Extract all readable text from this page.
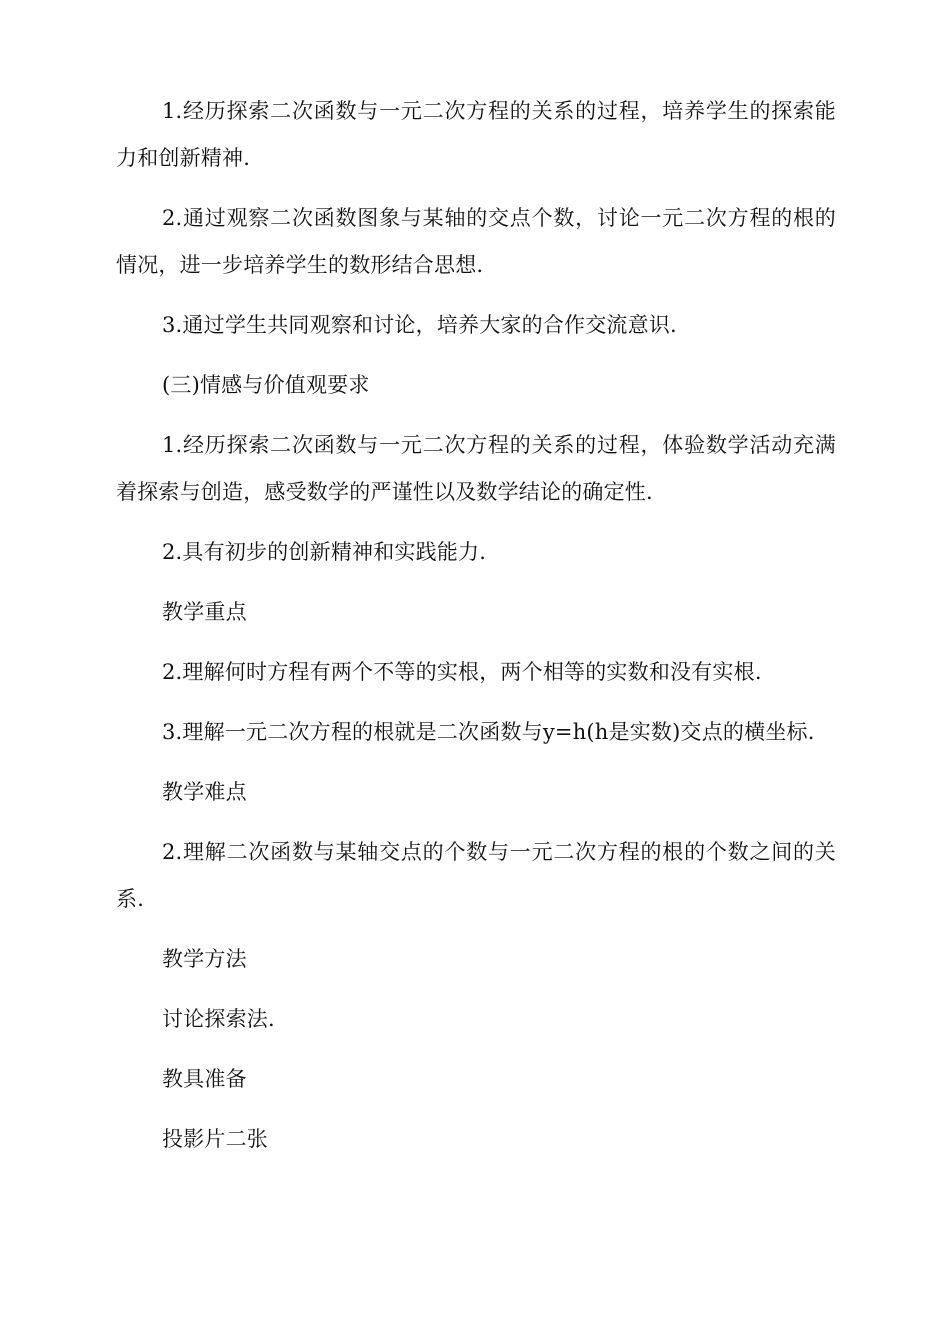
1.经历探索二次函数与一元二次方程的关系的过程，培养学生的探索能力和创新精神.

2.通过观察二次函数图象与某轴的交点个数，讨论一元二次方程的根的情况，进一步培养学生的数形结合思想.

3.通过学生共同观察和讨论，培养大家的合作交流意识.

(三)情感与价值观要求

1.经历探索二次函数与一元二次方程的关系的过程，体验数学活动充满着探索与创造，感受数学的严谨性以及数学结论的确定性.

2.具有初步的创新精神和实践能力.

教学重点

2.理解何时方程有两个不等的实根，两个相等的实数和没有实根.

3.理解一元二次方程的根就是二次函数与y=h(h是实数)交点的横坐标.

教学难点

2.理解二次函数与某轴交点的个数与一元二次方程的根的个数之间的关系.

教学方法

讨论探索法.

教具准备

投影片二张
